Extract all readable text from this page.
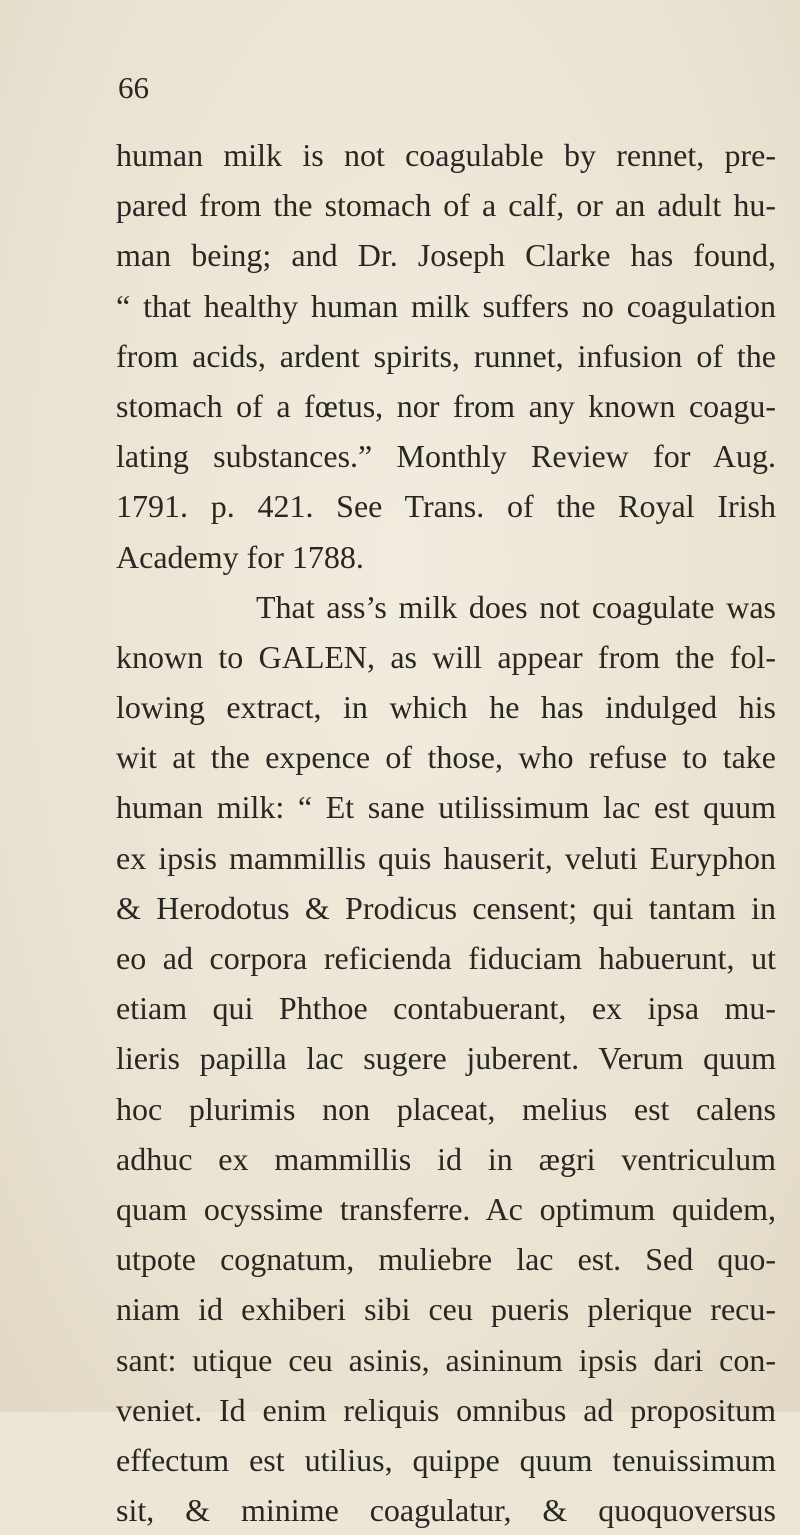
66
human milk is not coagulable by rennet, pre-
pared from the stomach of a calf, or an adult hu-
man being; and Dr. Joseph Clarke has found,
“ that healthy human milk suffers no coagulation
from acids, ardent spirits, runnet, infusion of the
stomach of a fœtus, nor from any known coagu-
lating substances.” Monthly Review for Aug.
1791. p. 421. See Trans. of the Royal Irish
Academy for 1788.
That ass’s milk does not coagulate was
known to GALEN, as will appear from the fol-
lowing extract, in which he has indulged his
wit at the expence of those, who refuse to take
human milk: “ Et sane utilissimum lac est quum
ex ipsis mammillis quis hauserit, veluti Euryphon
& Herodotus & Prodicus censent; qui tantam in
eo ad corpora reficienda fiduciam habuerunt, ut
etiam qui Phthoe contabuerant, ex ipsa mu-
lieris papilla lac sugere juberent. Verum quum
hoc plurimis non placeat, melius est calens
adhuc ex mammillis id in ægri ventriculum
quam ocyssime transferre. Ac optimum quidem,
utpote cognatum, muliebre lac est. Sed quo-
niam id exhiberi sibi ceu pueris plerique recu-
sant: utique ceu asinis, asininum ipsis dari con-
veniet. Id enim reliquis omnibus ad propositum
effectum est utilius, quippe quum tenuissimum
sit, & minime coagulatur, & quoquoversus
